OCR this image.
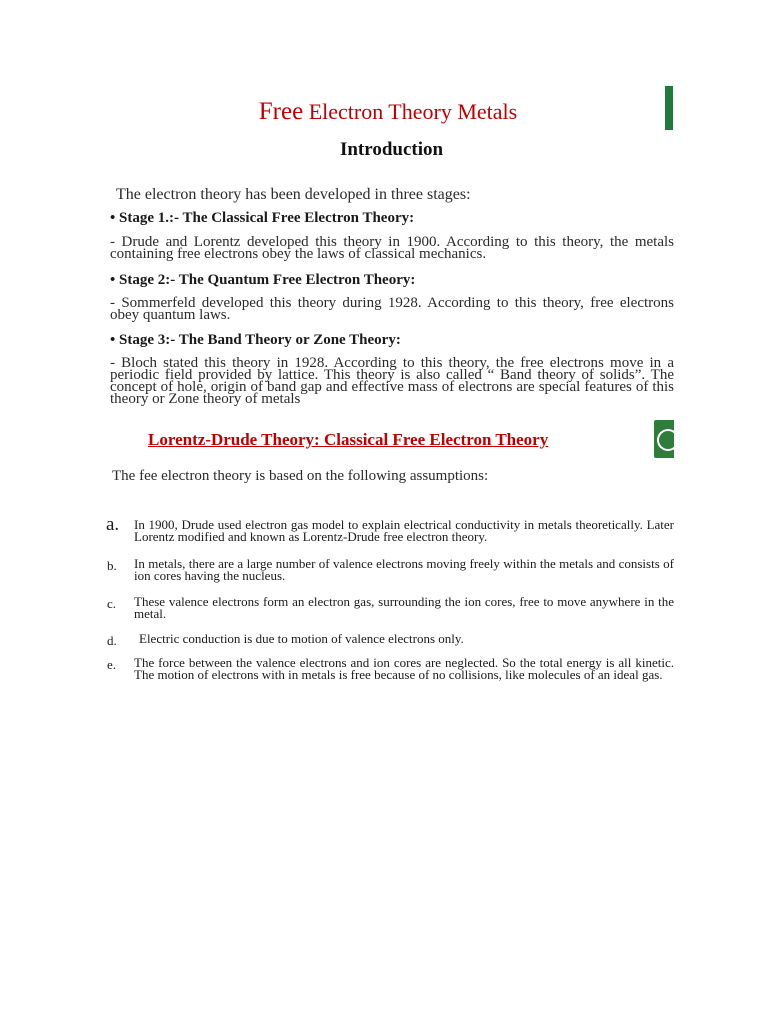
Free Electron Theory Metals
Introduction
The electron theory has been developed in three stages:
• Stage 1.:- The Classical Free Electron Theory:
- Drude and Lorentz developed this theory in 1900. According to this theory, the metals containing free electrons obey the laws of classical mechanics.
• Stage 2:- The Quantum Free Electron Theory:
- Sommerfeld developed this theory during 1928. According to this theory, free electrons obey quantum laws.
• Stage 3:- The Band Theory or Zone Theory:
- Bloch stated this theory in 1928. According to this theory, the free electrons move in a periodic field provided by lattice. This theory is also called “ Band theory of solids”. The concept of hole, origin of band gap and effective mass of electrons are special features of this theory or Zone theory of metals
Lorentz-Drude Theory: Classical Free Electron Theory
The fee electron theory is based on the following assumptions:
a. In 1900, Drude used electron gas model to explain electrical conductivity in metals theoretically. Later Lorentz modified and known as Lorentz-Drude free electron theory.
b. In metals, there are a large number of valence electrons moving freely within the metals and consists of ion cores having the nucleus.
c. These valence electrons form an electron gas, surrounding the ion cores, free to move anywhere in the metal.
d. Electric conduction is due to motion of valence electrons only.
e. The force between the valence electrons and ion cores are neglected. So the total energy is all kinetic. The motion of electrons with in metals is free because of no collisions, like molecules of an ideal gas.
